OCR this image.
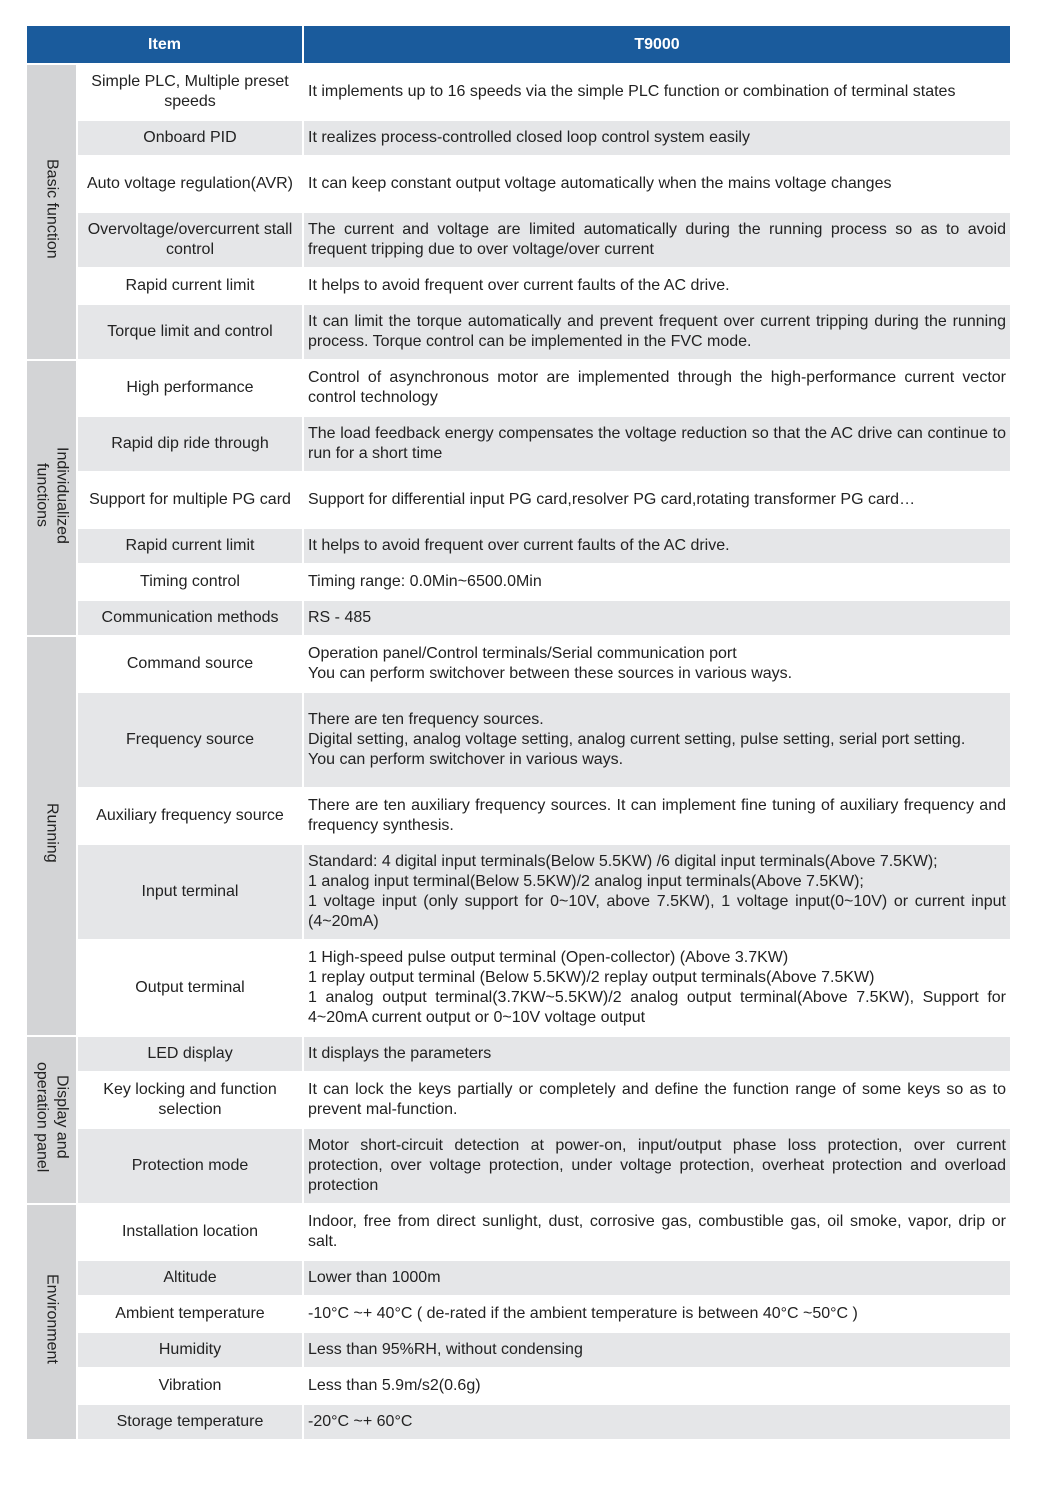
Item		T9000
Basic function	Simple PLC, Multiple preset speeds	It implements up to 16 speeds via the simple PLC function or combination of terminal states
	Onboard PID	It realizes process-controlled closed loop control system easily
	Auto voltage regulation(AVR)	It can keep constant output voltage automatically when the mains voltage changes
	Overvoltage/overcurrent stall control	The current and voltage are limited automatically during the running process so as to avoid frequent tripping due to over voltage/over current
	Rapid current limit	It helps to avoid frequent over current faults of the AC drive.
	Torque limit and control	It can limit the torque automatically and prevent frequent over current tripping during the running process. Torque control can be implemented in the FVC mode.
Individualized
functions	High performance	Control of asynchronous motor are implemented through the high-performance current vector control technology
	Rapid dip ride through	The load feedback energy compensates the voltage reduction so that the AC drive can continue to run for a short time
	Support for multiple PG card	Support for differential input PG card,resolver PG card,rotating transformer PG card…
	Rapid current limit	It helps to avoid frequent over current faults of the AC drive.
	Timing control	Timing range: 0.0Min~6500.0Min
	Communication methods	RS - 485
Running	Command source	Operation panel/Control terminals/Serial communication port
You can perform switchover between these sources in various ways.
	Frequency source	There are ten frequency sources.
Digital setting, analog voltage setting, analog current setting, pulse setting, serial port setting.
You can perform switchover in various ways.
	Auxiliary frequency source	There are ten auxiliary frequency sources. It can implement fine tuning of auxiliary frequency and frequency synthesis.
	Input terminal	Standard: 4 digital input terminals(Below 5.5KW) /6 digital input terminals(Above 7.5KW);
1 analog input terminal(Below 5.5KW)/2 analog input terminals(Above 7.5KW);
1 voltage input (only support for 0~10V, above 7.5KW), 1 voltage input(0~10V) or current input (4~20mA)
	Output terminal	1 High-speed pulse output terminal (Open-collector) (Above 3.7KW)
1 replay output terminal (Below 5.5KW)/2 replay output terminals(Above 7.5KW)
1 analog output terminal(3.7KW~5.5KW)/2 analog output terminal(Above 7.5KW), Support for 4~20mA current output or 0~10V voltage output
Display and
operation panel	LED display	It displays the parameters
	Key locking and function selection	It can lock the keys partially or completely and define the function range of some keys so as to prevent mal-function.
	Protection mode	Motor short-circuit detection at power-on, input/output phase loss protection, over current protection, over voltage protection, under voltage protection, overheat protection and overload protection
Environment	Installation location	Indoor, free from direct sunlight, dust, corrosive gas, combustible gas, oil smoke, vapor, drip or salt.
	Altitude	Lower than 1000m
	Ambient temperature	-10°C ~+ 40°C ( de-rated if the ambient temperature is between 40°C ~50°C )
	Humidity	Less than 95%RH, without condensing
	Vibration	Less than 5.9m/s2(0.6g)
	Storage temperature	-20°C ~+ 60°C
